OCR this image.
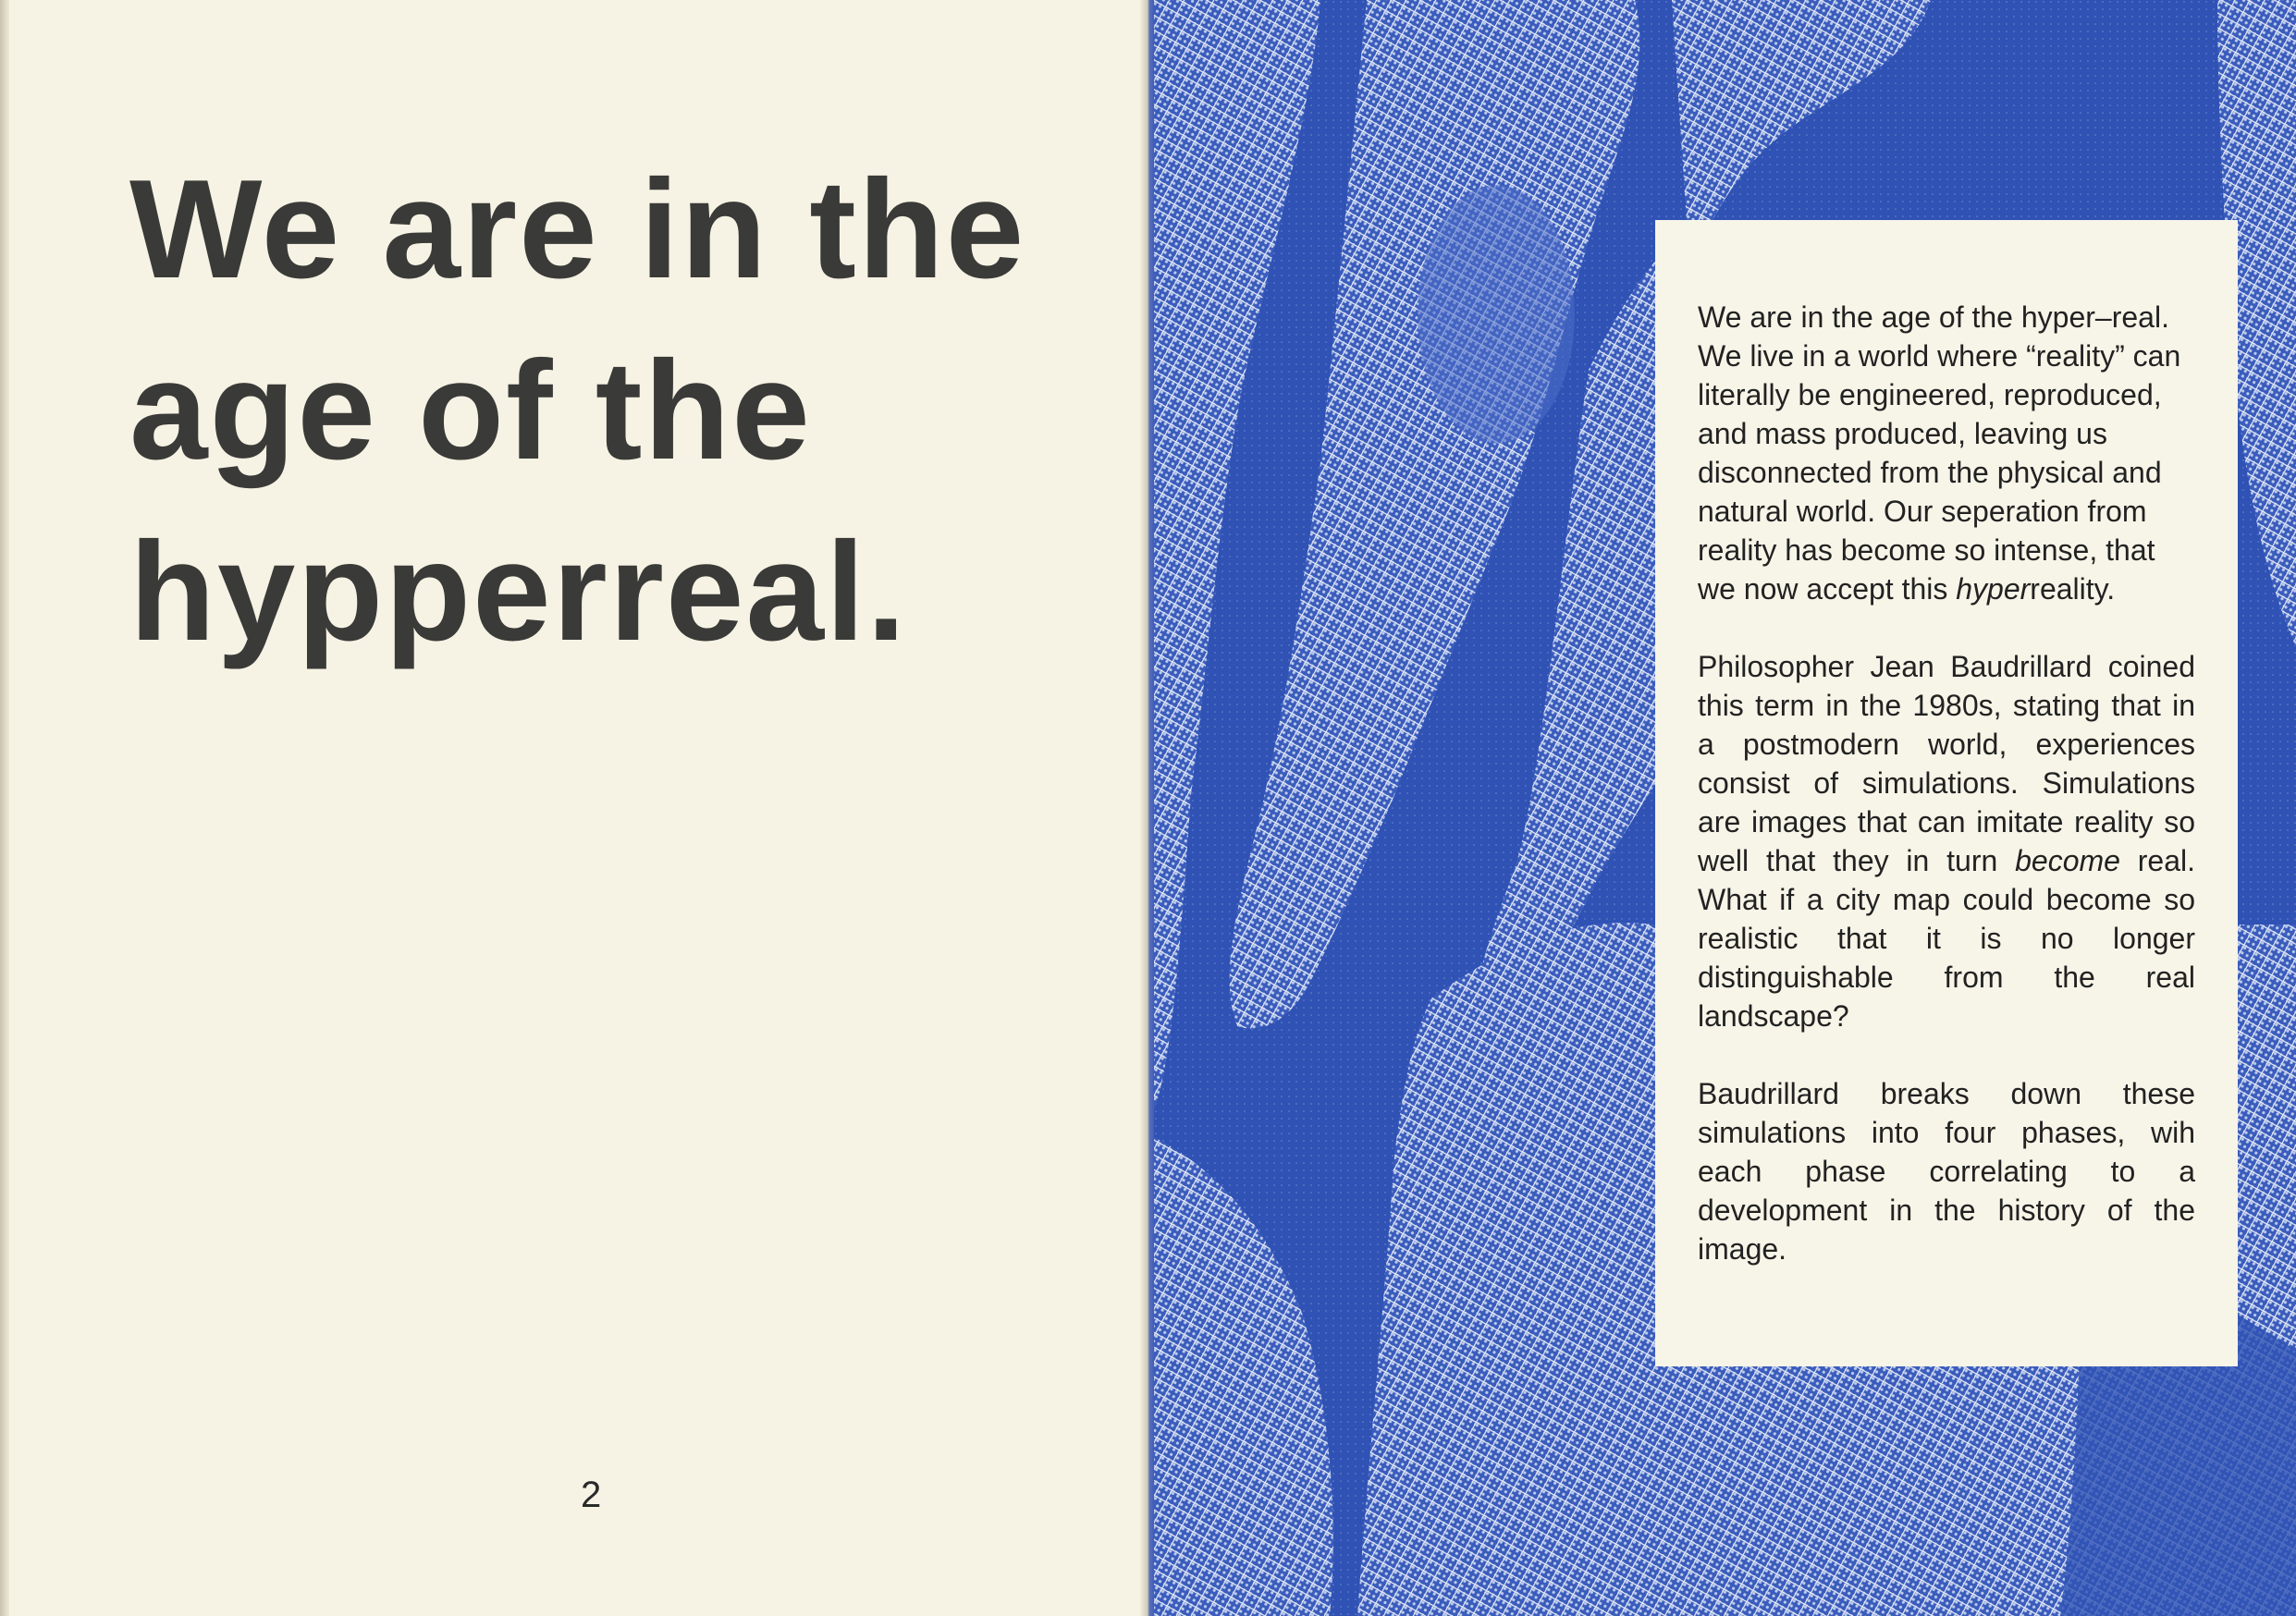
We are in the
age of the
hypperreal.
2

We are in the age of the hyper–real. We live in a world where “reality” can literally be engineered, reproduced, and mass produced, leaving us disconnected from the physical and natural world. Our seperation from reality has become so intense, that we now accept this hyperreality.

Philosopher Jean Baudrillard coined this term in the 1980s, stating that in a postmodern world, experiences consist of simulations. Simulations are images that can imitate reality so well that they in turn become real. What if a city map could become so realistic that it is no longer distinguishable from the real landscape?

Baudrillard breaks down these simulations into four phases, wih each phase correlating to a development in the history of the image.
